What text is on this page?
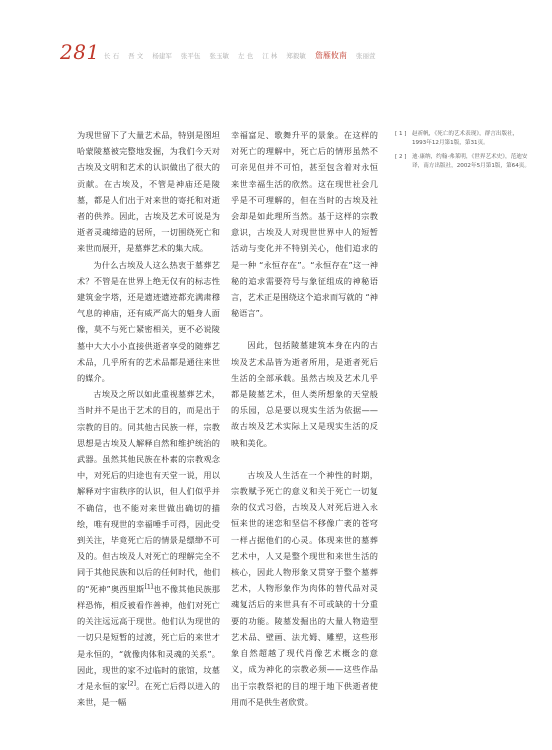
281 长 石 吾 文 杨建军 张平伍 张玉敏 左 也 江 林 郑毅敏 詹雁攸南 张丽萱

为现世留下了大量艺术品，特别是图坦哈蒙陵墓被完整地发掘，为我们今天对古埃及文明和艺术的认识做出了很大的贡献。在古埃及，不管是神庙还是陵墓，都是人们出于对来世的寄托和对逝者的供养。因此，古埃及艺术可说是为逝者灵魂缔造的居所，一切围绕死亡和来世而展开，是墓葬艺术的集大成。

为什么古埃及人这么热衷于墓葬艺术？不管是在世界上绝无仅有的标志性建筑金字塔，还是遗迹遗迹都充满肃穆气息的神庙，还有威严高大的魁身人面像，莫不与死亡紧密相关，更不必说陵墓中大大小小直接供逝者享受的随葬艺术品，几乎所有的艺术品都是通往来世的媒介。

古埃及之所以如此重视墓葬艺术，当时并不是出于艺术的目的，而是出于宗教的目的。同其他古民族一样，宗教思想是古埃及人解释自然和维护统治的武器。虽然其他民族在朴素的宗教观念中，对死后的归途也有天堂一说，用以解释对宇宙秩序的认识，但人们似乎并不确信，也不能对来世做出确切的描绘，唯有现世的幸福唾手可得，因此受到关注，毕竟死亡后的情景是缥缈不可及的。但古埃及人对死亡的理解完全不同于其他民族和以后的任何时代，他们的“死神”奥西里斯[1]也不像其他民族那样恐怖，相反被看作善神，他们对死亡的关注远远高于现世。他们认为现世的一切只是短暂的过渡，死亡后的来世才是永恒的，“就像肉体和灵魂的关系”。因此，现世的家不过临时的旅馆，坟墓才是永恒的家[2]。在死亡后得以进入的来世，是一幅

幸福富足、歌舞升平的景象。在这样的对死亡的理解中，死亡后的情形虽然不可亲见但并不可怕，甚至包含着对永恒来世幸福生活的欣然。这在现世社会几乎是不可理解的，但在当时的古埃及社会却是如此理所当然。基于这样的宗教意识，古埃及人对现世世界中人的短暂活动与变化并不特别关心，他们追求的是一种 “永恒存在”。“永恒存在”这一神秘的追求需要符号与象征组成的神秘语言，艺术正是围绕这个追求而写就的 “神秘语言”。

因此，包括陵墓建筑本身在内的古埃及艺术品皆为逝者所用，是逝者死后生活的全部承载。虽然古埃及艺术几乎都是陵墓艺术，但人类所想象的天堂般的乐园，总是要以现实生活为依据——故古埃及艺术实际上又是现实生活的反映和美化。

古埃及人生活在一个神性的时期，宗教赋予死亡的意义和关于死亡一切复杂的仪式习俗，古埃及人对死后进入永恒来世的迷恋和坚信不移像广袤的苍穹一样占据他们的心灵。体现来世的墓葬艺术中，人又是整个现世和来世生活的核心，因此人物形象又贯穿于整个墓葬艺术，人物形象作为肉体的替代品对灵魂复活后的来世具有不可或缺的十分重要的功能。陵墓发掘出的大量人物造型艺术品、壁画、法尤姆、雕塑，这些形象自然超越了现代肖像艺术概念的意义，成为神化的宗教必须——这些作品出于宗教祭祀的目的埋于地下供逝者使用而不是供生者欣赏。

[ 1 ] 赵祈帆，《死亡的艺术表现》，群言出版社，1993年12月第1版，第31页。
[ 2 ] 迪·康纳，约翰·弗莱明，《世界艺术史》，范迪安译，南方出版社，2002年5月第1版，第64页。
